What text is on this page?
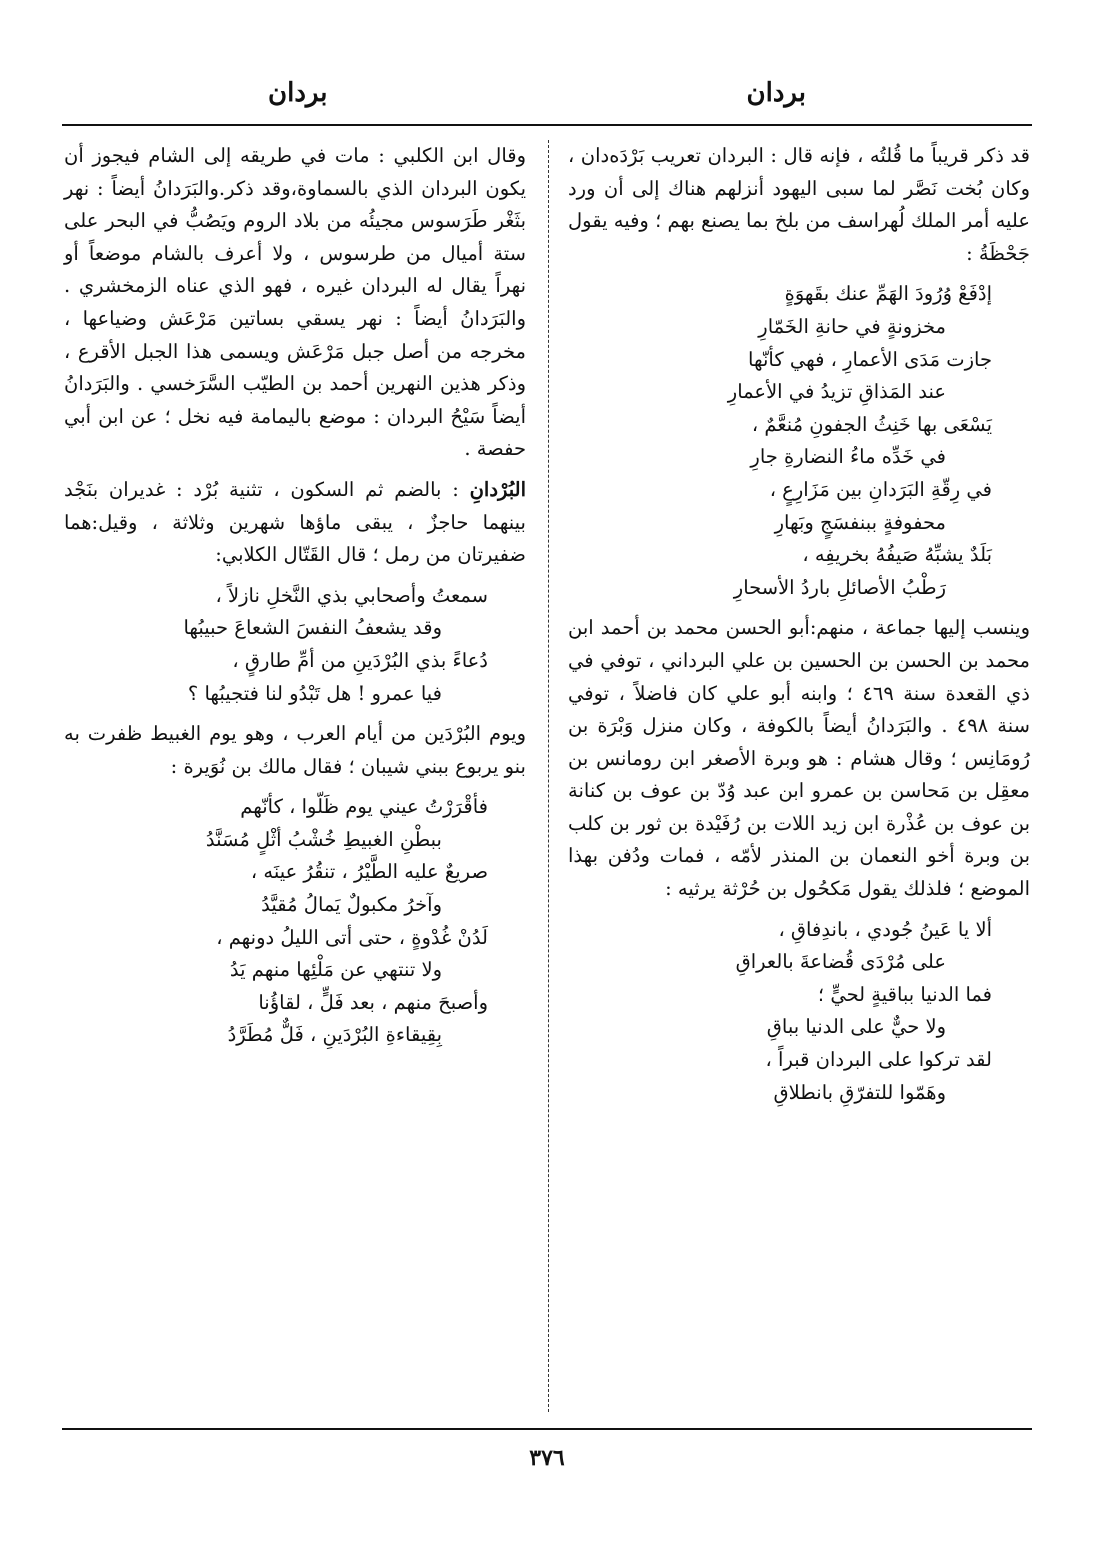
بردان
بردان

قد ذكر قريباً ما قُلتُه ، فإنه قال : البردان تعريب بَرْدَه‌دان ، وكان بُخت نَصَّر لما سبى اليهود أنزلهم هناك إلى أن ورد عليه أمر الملك لُهراسف من بلخ بما يصنع بهم ؛ وفيه يقول جَحْظَةُ :

إدْفَعْ وُرُودَ الهَمِّ عنك بقَهوَةٍ
مخزونةٍ في حانةِ الخَمّارِ
جازت مَدَى الأعمارِ ، فهي كأنّها
عند المَذاقِ تزيدُ في الأعمارِ
يَسْعَى بها خَنِثُ الجفونِ مُنعَّمٌ ،
في خَدِّه ماءُ النضارةِ جارِ
في رِقّةِ البَرَدانِ بين مَزَارِعٍ ،
محفوفةٍ ببنفسَجٍ وبَهارِ
بَلَدٌ يشبِّهُ صَيفُهُ بخريفِه ،
رَطْبُ الأصائلِ باردُ الأسحارِ

وينسب إليها جماعة ، منهم:أبو الحسن محمد بن أحمد ابن محمد بن الحسن بن الحسين بن علي البرداني ، توفي في ذي القعدة سنة ٤٦٩ ؛ وابنه أبو علي كان فاضلاً ، توفي سنة ٤٩٨ . والبَرَدانُ أيضاً بالكوفة ، وكان منزل وَبْرَة بن رُومَانِس ؛ وقال هشام : هو وبرة الأصغر ابن رومانس بن معقِل بن مَحاسن بن عمرو ابن عبد وُدّ بن عوف بن كنانة بن عوف بن عُذْرة ابن زيد اللات بن رُفَيْدة بن ثور بن كلب بن وبرة أخو النعمان بن المنذر لأمّه ، فمات ودُفن بهذا الموضع ؛ فلذلك يقول مَكحُول بن حُرْثة يرثيه :

ألا يا عَينُ جُودي ، باندِفاقِ ،
على مُرْدَى قُضاعةَ بالعراقِ
فما الدنيا بباقيةٍ لحيٍّ ؛
ولا حيٌّ على الدنيا بباقِ
لقد تركوا على البردان قبراً ،
وهَمّوا للتفرّقِ بانطلاقِ

وقال ابن الكلبي : مات في طريقه إلى الشام فيجوز أن يكون البردان الذي بالسماوة،وقد ذكر.والبَرَدانُ أيضاً : نهر بثَغْر طَرَسوس مجيئُه من بلاد الروم ويَصُبُّ في البحر على ستة أميال من طرسوس ، ولا أعرف بالشام موضعاً أو نهراً يقال له البردان غيره ، فهو الذي عناه الزمخشري . والبَرَدانُ أيضاً : نهر يسقي بساتين مَرْعَش وضياعها ، مخرجه من أصل جبل مَرْعَش ويسمى هذا الجبل الأقرع ، وذكر هذين النهرين أحمد بن الطيّب السَّرَخسي . والبَرَدانُ أيضاً سَيْحُ البردان : موضع باليمامة فيه نخل ؛ عن ابن أبي حفصة .

البُرْدانِ : بالضم ثم السكون ، تثنية بُرْد : غديران بنَجْد بينهما حاجزٌ ، يبقى ماؤها شهرين وثلاثة ، وقيل:هما ضفيرتان من رمل ؛ قال القَتّال الكلابي:

سمعتُ وأصحابي بذي النَّخلِ نازلاً ،
وقد يشعفُ النفسَ الشعاعَ حبيبُها
دُعاءً بذي البُرْدَينِ من أمِّ طارقٍ ،
فيا عمرو ! هل تَبْدُو لنا فتجيبُها ؟

ويوم البُرْدَين من أيام العرب ، وهو يوم الغبيط ظفرت به بنو يربوع ببني شيبان ؛ فقال مالك بن نُوَيرة :

فأقْرَرْتُ عيني يوم ظَلّوا ، كأنّهم
ببطْنِ الغبيطِ خُشْبُ أثْلٍ مُسَنَّدُ
صريعٌ عليه الطَّيْرُ ، تنقُرُ عينَه ،
وآخرُ مكبولٌ يَمالُ مُقيَّدُ
لَدُنْ غُدْوةٍ ، حتى أتى الليلُ دونهم ،
ولا تنتهي عن مَلْئِها منهم يَدُ
وأصبحَ منهم ، بعد فَلٍّ ، لقاؤُنا
بِقِيقاءةِ البُرْدَينِ ، فَلٌّ مُطَرَّدُ
٣٧٦
